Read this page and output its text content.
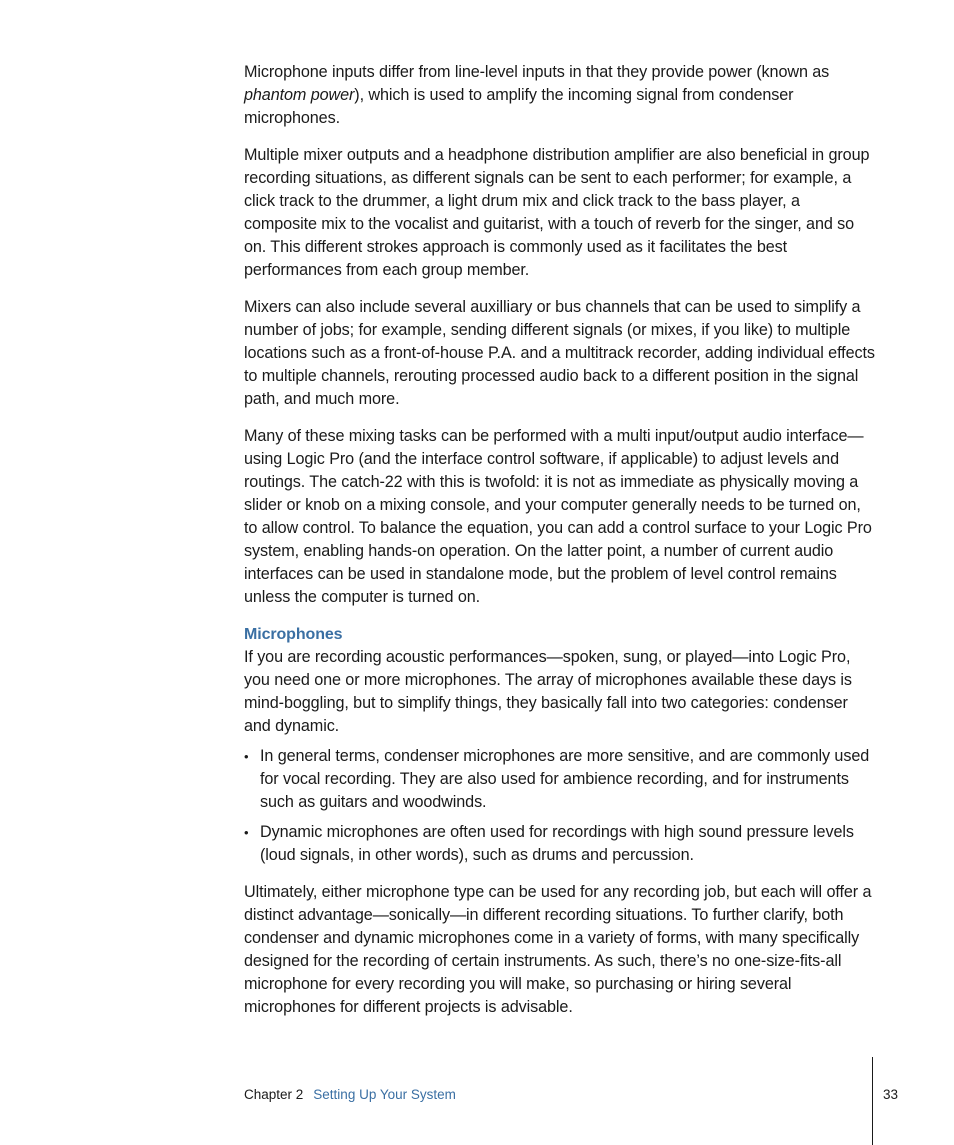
Microphone inputs differ from line-level inputs in that they provide power (known as phantom power), which is used to amplify the incoming signal from condenser microphones.

Multiple mixer outputs and a headphone distribution amplifier are also beneficial in group recording situations, as different signals can be sent to each performer; for example, a click track to the drummer, a light drum mix and click track to the bass player, a composite mix to the vocalist and guitarist, with a touch of reverb for the singer, and so on. This different strokes approach is commonly used as it facilitates the best performances from each group member.

Mixers can also include several auxilliary or bus channels that can be used to simplify a number of jobs; for example, sending different signals (or mixes, if you like) to multiple locations such as a front-of-house P.A. and a multitrack recorder, adding individual effects to multiple channels, rerouting processed audio back to a different position in the signal path, and much more.

Many of these mixing tasks can be performed with a multi input/output audio interface—using Logic Pro (and the interface control software, if applicable) to adjust levels and routings. The catch-22 with this is twofold: it is not as immediate as physically moving a slider or knob on a mixing console, and your computer generally needs to be turned on, to allow control. To balance the equation, you can add a control surface to your Logic Pro system, enabling hands-on operation. On the latter point, a number of current audio interfaces can be used in standalone mode, but the problem of level control remains unless the computer is turned on.

Microphones

If you are recording acoustic performances—spoken, sung, or played—into Logic Pro, you need one or more microphones. The array of microphones available these days is mind-boggling, but to simplify things, they basically fall into two categories: condenser and dynamic.

• In general terms, condenser microphones are more sensitive, and are commonly used for vocal recording. They are also used for ambience recording, and for instruments such as guitars and woodwinds.
• Dynamic microphones are often used for recordings with high sound pressure levels (loud signals, in other words), such as drums and percussion.

Ultimately, either microphone type can be used for any recording job, but each will offer a distinct advantage—sonically—in different recording situations. To further clarify, both condenser and dynamic microphones come in a variety of forms, with many specifically designed for the recording of certain instruments. As such, there’s no one-size-fits-all microphone for every recording you will make, so purchasing or hiring several microphones for different projects is advisable.

Chapter 2 Setting Up Your System	33
